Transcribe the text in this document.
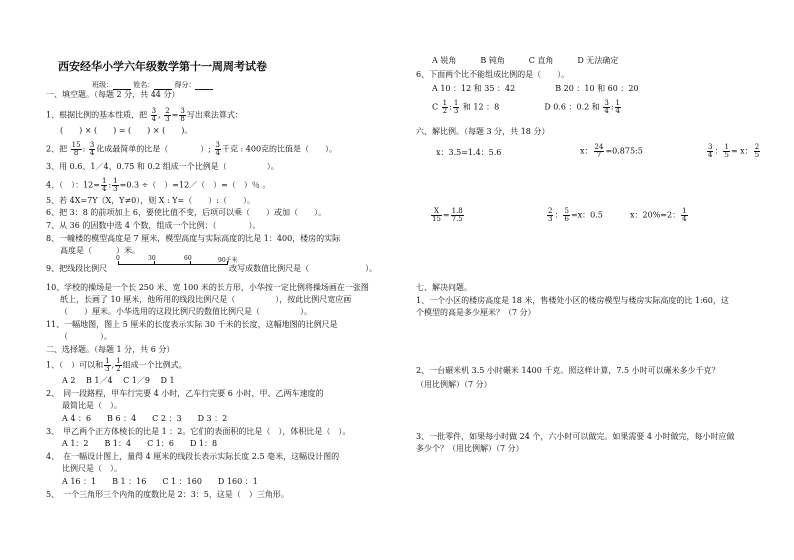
西安经华小学六年级数学第十一周周考试卷
班级：	姓名：	得分：
一、填空题。（每题 2 分，共 44 分）
1、根据比例的基本性质，把 $\frac{3}{4}$ , $\frac{2}{3} = \frac{3}{8}$ 写出乘法算式：
(　　) × (　　) = (　　) × (　　)。
2、把 $\frac{15}{8}$ : $\frac{3}{4}$ 化成最简单的比是（　　　　）; $\frac{3}{4}$ 千克 : 400克的比值是（　　）。
3、用 0.6、1／4、0.75 和 0.2 组成一个比例是（　　　　　）。
4、（　）：$12= \frac{1}{4}$ : $\frac{1}{3} =0.3$ ÷（　）=12／（　）=（　）％ 。
5、若 4X=7Y（X，Y≠0），则 X : Y=（　　）:（　　）。
6、把 3：8 的前项加上 6，要使比值不变，后项可以乘（　　）或加（　　）。
7、从 36 的因数中选 4 个数，组成一个比例：（　　　　）。
8、一幢楼的模型高度是 7 厘米，模型高度与实际高度的比是 1：400，楼房的实际
高度是（　　　）米。
9、把线段比例尺	改写成数值比例尺是（　　　　　　　）。
0	30	60	90千米
10、学校的操场是一个长 250 米、宽 100 米的长方形，小华按一定比例将操场画在一张图
纸上，长画了 10 厘米，他所用的线段比例尺是（　　　　　），按此比例尺宽应画
（　　）厘米。小华选用的这段比例尺的数值比例尺是（　　　　　）。
11、一幅地图，图上 5 厘米的长度表示实际 30 千米的长度，这幅地图的比例尺是
（　　　　）。
二、选择题。（每题 1 分，共 6 分）
1、（　）可以和 $\frac{1}{3}$ , $\frac{1}{2}$ 组成一个比例式。
A 2　 B 1／4　 C 1／9　 D 1
2、　同一段路程，甲车行完要 4 小时，乙车行完要 6 小时，甲、乙两车速度的
最简比是（　）。
A 4 ：6　　B 6 ：4　　C 2 ：3　　D 3 ：2
3、　甲乙两个正方体棱长的比是 1 ：2。它们的表面积的比是（　），体积比是（　）。
A 1：2　　B 1：4　　C 1：6　　D 1：8
4、　在一幅设计图上，量得 4 厘米的线段长表示实际长度 2.5 毫米，这幅设计图的
比例尺是（　）。
A 16 ：1　　B 1 ：16　　C 1 ：160　　D 160 ：1
5、　一个三角形三个内角的度数比是 2：3：5，这是（　）三角形。
A 锐角　　　B 钝角　　　C 直角　　　D 无法确定
6、下面两个比不能组成比例的是（　　）。
A 10 ：12 和 35 ：42　　　　　B 20 ：10 和 60 ：20
C $\frac{1}{2}$ : $\frac{1}{3}$ 和 12 ：8	D 0.6 ：0.2 和 $\frac{3}{4}$ : $\frac{1}{4}$
六、解比例。（每题 3 分，共 18 分）
x：3.5=1.4：5.6	x： $\frac{24}{7}$ =0.875:5	$\frac{3}{4}$ ： $\frac{1}{5} = x$： $\frac{2}{5}$
$\frac{X}{15} = \frac{1.8}{7.5}$	$\frac{2}{3}$ ： $\frac{5}{6} =x$：0.5	x：20%=2： $\frac{1}{4}$
七、解决问题。
1、一个小区的楼房高度是 18 米，售楼处小区的楼房模型与楼房实际高度的比 1:60，这
个模型的高是多少厘米？（7 分）
2、一台碾米机 3.5 小时碾米 1400 千克。照这样计算，7.5 小时可以碾米多少千克？
（用比例解）（7 分）
3、一批零件，如果每小时做 24 个，六小时可以做完。如果需要 4 小时做完，每小时应做
多少个？（用比例解）（7 分）
